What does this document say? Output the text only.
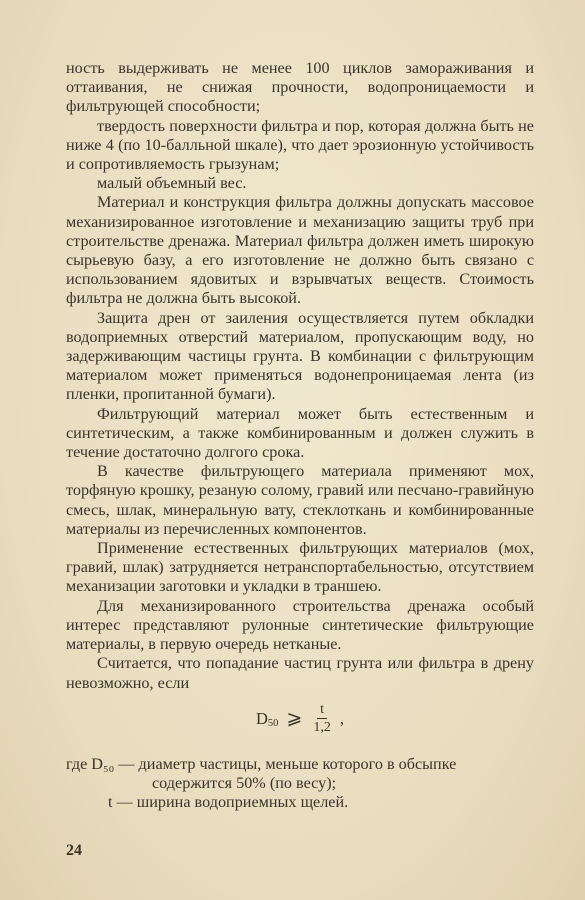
ность выдерживать не менее 100 циклов замораживания и оттаивания, не снижая прочности, водопроницаемости и фильтрующей способности;

твердость поверхности фильтра и пор, которая должна быть не ниже 4 (по 10-балльной шкале), что дает эрозионную устойчивость и сопротивляемость грызунам;

малый объемный вес.

Материал и конструкция фильтра должны допускать массовое механизированное изготовление и механизацию защиты труб при строительстве дренажа. Материал фильтра должен иметь широкую сырьевую базу, а его изготовление не должно быть связано с использованием ядовитых и взрывчатых веществ. Стоимость фильтра не должна быть высокой.

Защита дрен от заиления осуществляется путем обкладки водоприемных отверстий материалом, пропускающим воду, но задерживающим частицы грунта. В комбинации с фильтрующим материалом может применяться водонепроницаемая лента (из пленки, пропитанной бумаги).

Фильтрующий материал может быть естественным и синтетическим, а также комбинированным и должен служить в течение достаточно долгого срока.

В качестве фильтрующего материала применяют мох, торфяную крошку, резаную солому, гравий или песчано-гравийную смесь, шлак, минеральную вату, стеклоткань и комбинированные материалы из перечисленных компонентов.

Применение естественных фильтрующих материалов (мох, гравий, шлак) затрудняется нетранспортабельностью, отсутствием механизации заготовки и укладки в траншею.

Для механизированного строительства дренажа особый интерес представляют рулонные синтетические фильтрующие материалы, в первую очередь нетканые.

Считается, что попадание частиц грунта или фильтра в дрену невозможно, если

D 50 ⩾ $\frac{t}{1,2}$ ,

где D₅₀ — диаметр частицы, меньше которого в обсыпке

содержится 50% (по весу);

t — ширина водоприемных щелей.

24
